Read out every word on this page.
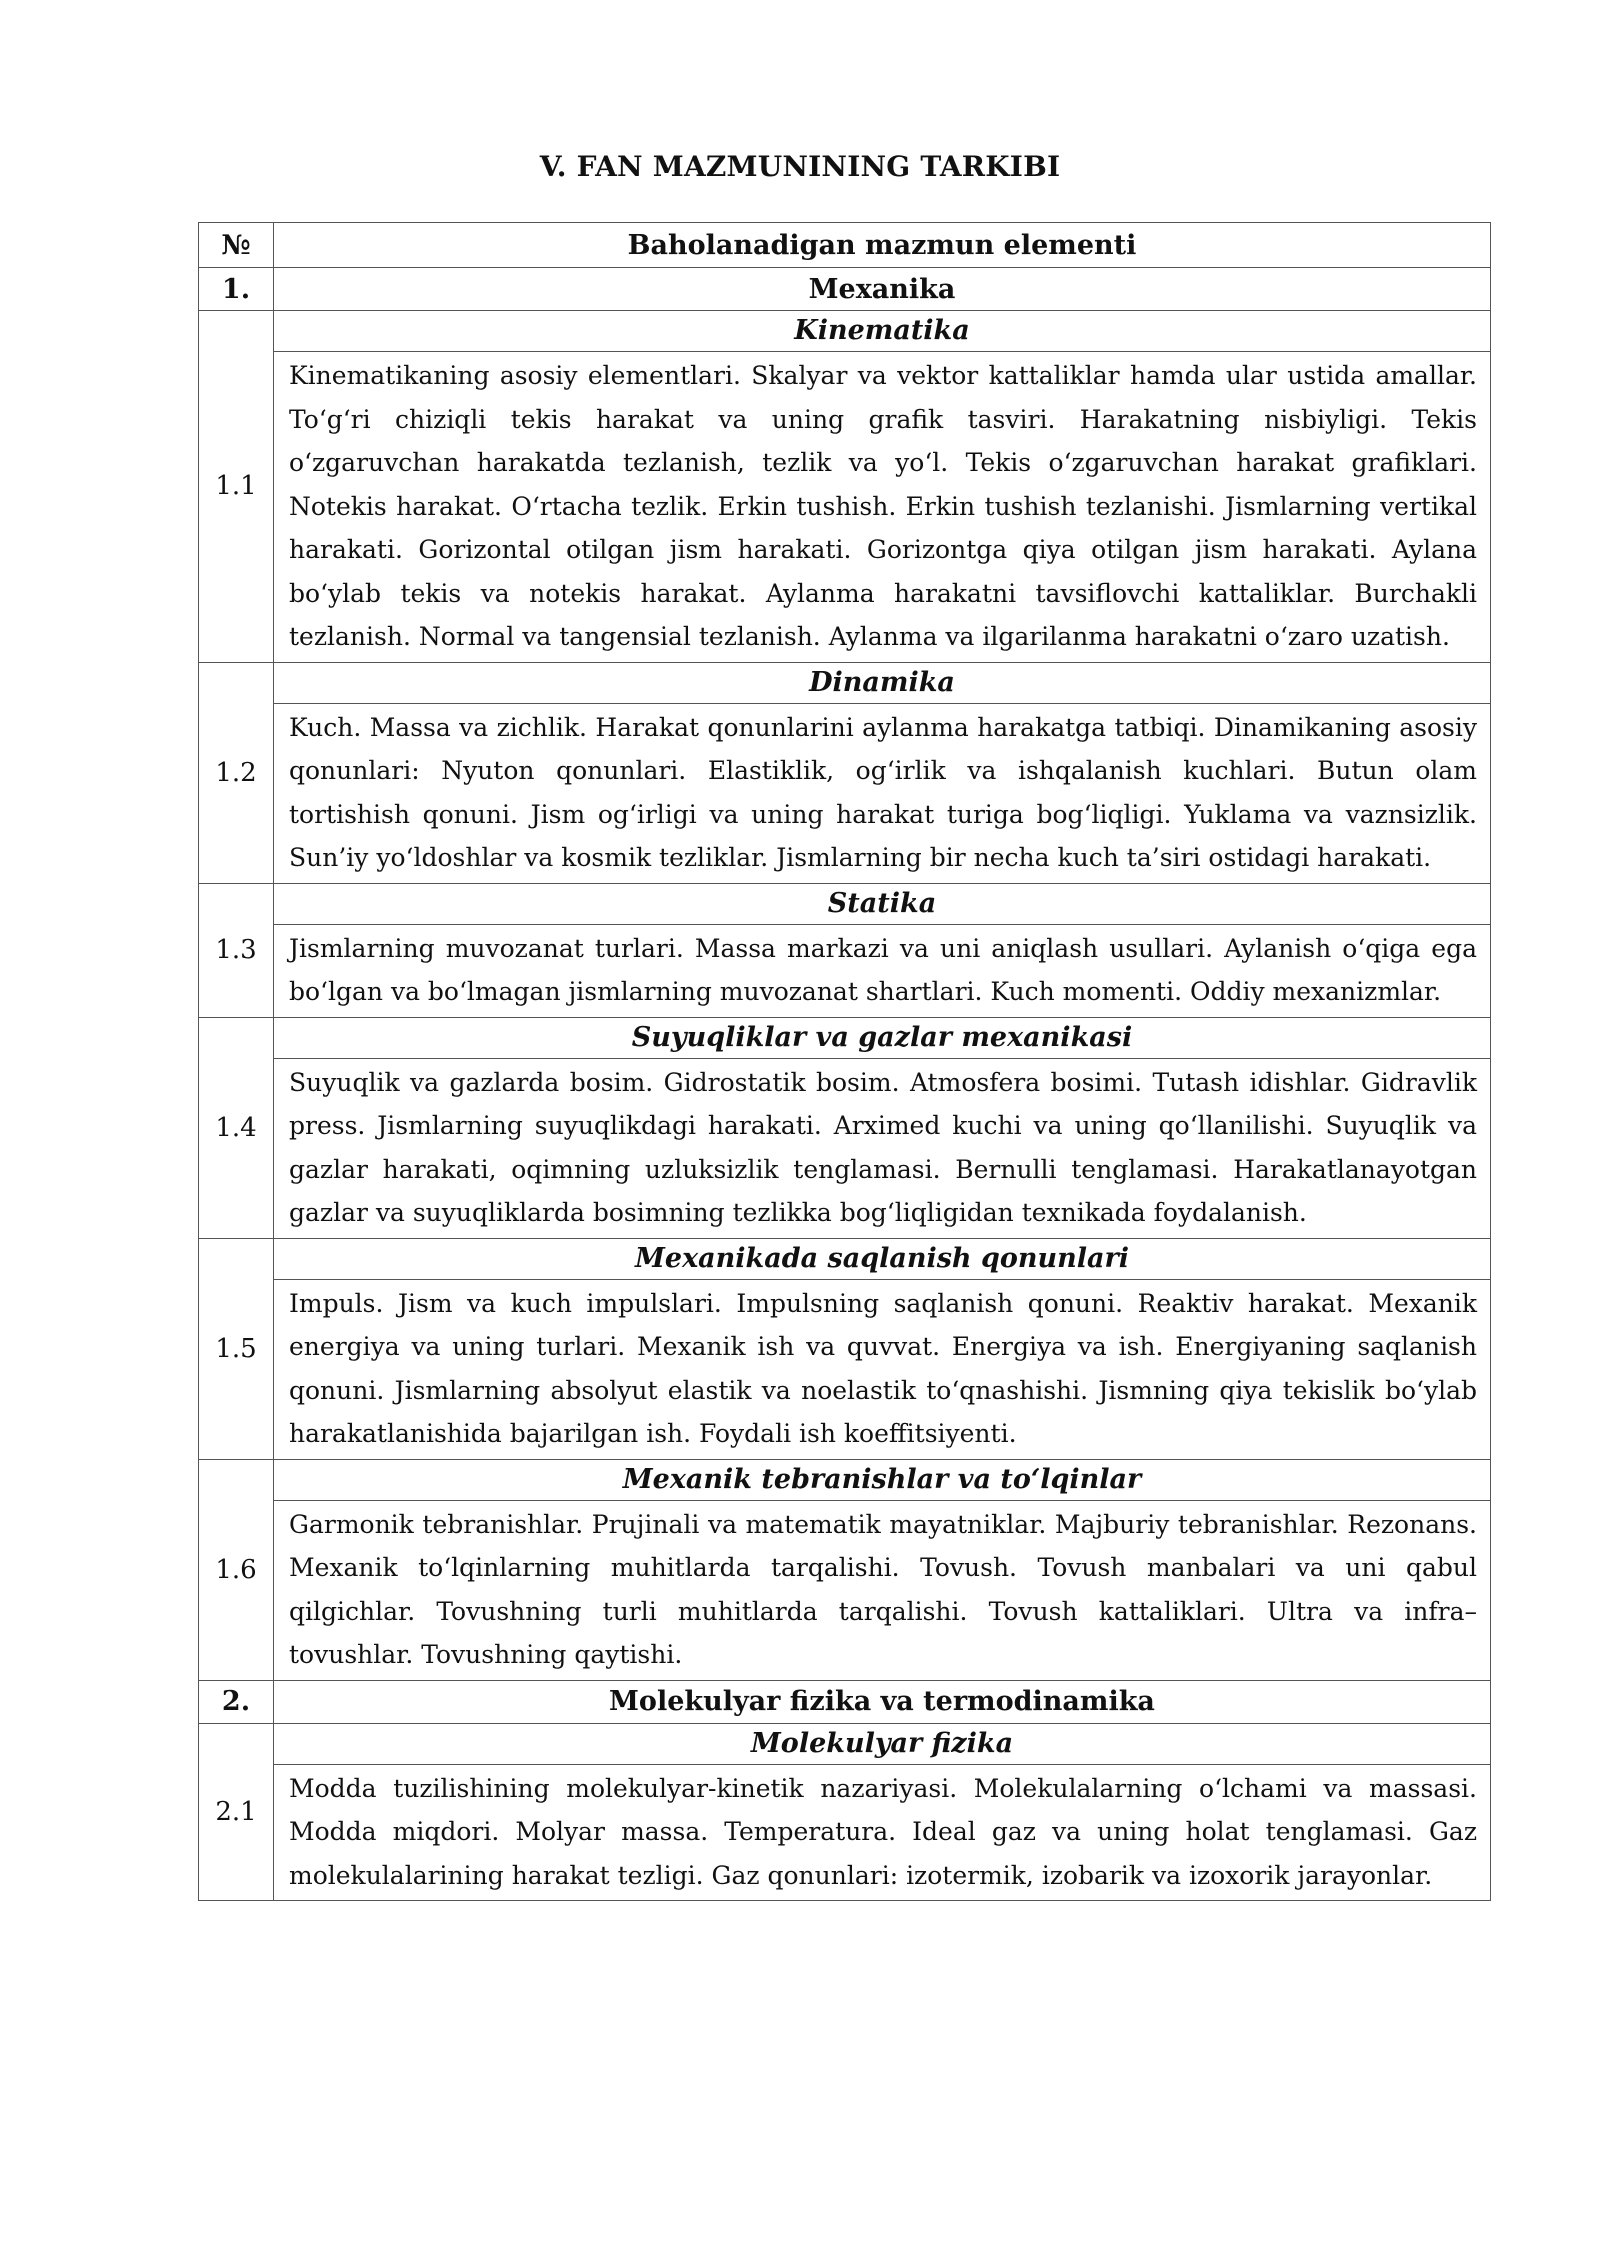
V. FAN MAZMUNINING TARKIBI
№	Baholanadigan mazmun elementi
1.	Mexanika
1.1	Kinematika
Kinematikaning asosiy elementlari. Skalyar va vektor kattaliklar hamda ular ustida amallar. To‘g‘ri chiziqli tekis harakat va uning grafik tasviri. Harakatning nisbiyligi. Tekis o‘zgaruvchan harakatda tezlanish, tezlik va yo‘l. Tekis o‘zgaruvchan harakat grafiklari. Notekis harakat. O‘rtacha tezlik. Erkin tushish. Erkin tushish tezlanishi. Jismlarning vertikal harakati. Gorizontal otilgan jism harakati. Gorizontga qiya otilgan jism harakati. Aylana bo‘ylab tekis va notekis harakat. Aylanma harakatni tavsiflovchi kattaliklar. Burchakli tezlanish. Normal va tangensial tezlanish. Aylanma va ilgarilanma harakatni o‘zaro uzatish.

1.2	Dinamika
Kuch. Massa va zichlik. Harakat qonunlarini aylanma harakatga tatbiqi. Dinamikaning asosiy qonunlari: Nyuton qonunlari. Elastiklik, og‘irlik va ishqalanish kuchlari. Butun olam tortishish qonuni. Jism og‘irligi va uning harakat turiga bog‘liqligi. Yuklama va vaznsizlik. Sun’iy yo‘ldoshlar va kosmik tezliklar. Jismlarning bir necha kuch ta’siri ostidagi harakati.

1.3	Statika
Jismlarning muvozanat turlari. Massa markazi va uni aniqlash usullari. Aylanish o‘qiga ega bo‘lgan va bo‘lmagan jismlarning muvozanat shartlari. Kuch momenti. Oddiy mexanizmlar.

1.4	Suyuqliklar va gazlar mexanikasi
Suyuqlik va gazlarda bosim. Gidrostatik bosim. Atmosfera bosimi. Tutash idishlar. Gidravlik press. Jismlarning suyuqlikdagi harakati. Arximed kuchi va uning qo‘llanilishi. Suyuqlik va gazlar harakati, oqimning uzluksizlik tenglamasi. Bernulli tenglamasi. Harakatlanayotgan gazlar va suyuqliklarda bosimning tezlikka bog‘liqligidan texnikada foydalanish.

1.5	Mexanikada saqlanish qonunlari
Impuls. Jism va kuch impulslari. Impulsning saqlanish qonuni. Reaktiv harakat. Mexanik energiya va uning turlari. Mexanik ish va quvvat. Energiya va ish. Energiyaning saqlanish qonuni. Jismlarning absolyut elastik va noelastik to‘qnashishi. Jismning qiya tekislik bo‘ylab harakatlanishida bajarilgan ish. Foydali ish koeffitsiyenti.

1.6	Mexanik tebranishlar va to‘lqinlar
Garmonik tebranishlar. Prujinali va matematik mayatniklar. Majburiy tebranishlar. Rezonans. Mexanik to‘lqinlarning muhitlarda tarqalishi. Tovush. Tovush manbalari va uni qabul qilgichlar. Tovushning turli muhitlarda tarqalishi. Tovush kattaliklari. Ultra va infra– tovushlar. Tovushning qaytishi.

2.	Molekulyar fizika va termodinamika
2.1	Molekulyar fizika
Modda tuzilishining molekulyar-kinetik nazariyasi. Molekulalarning o‘lchami va massasi. Modda miqdori. Molyar massa. Temperatura. Ideal gaz va uning holat tenglamasi. Gaz molekulalarining harakat tezligi. Gaz qonunlari: izotermik, izobarik va izoxorik jarayonlar.
